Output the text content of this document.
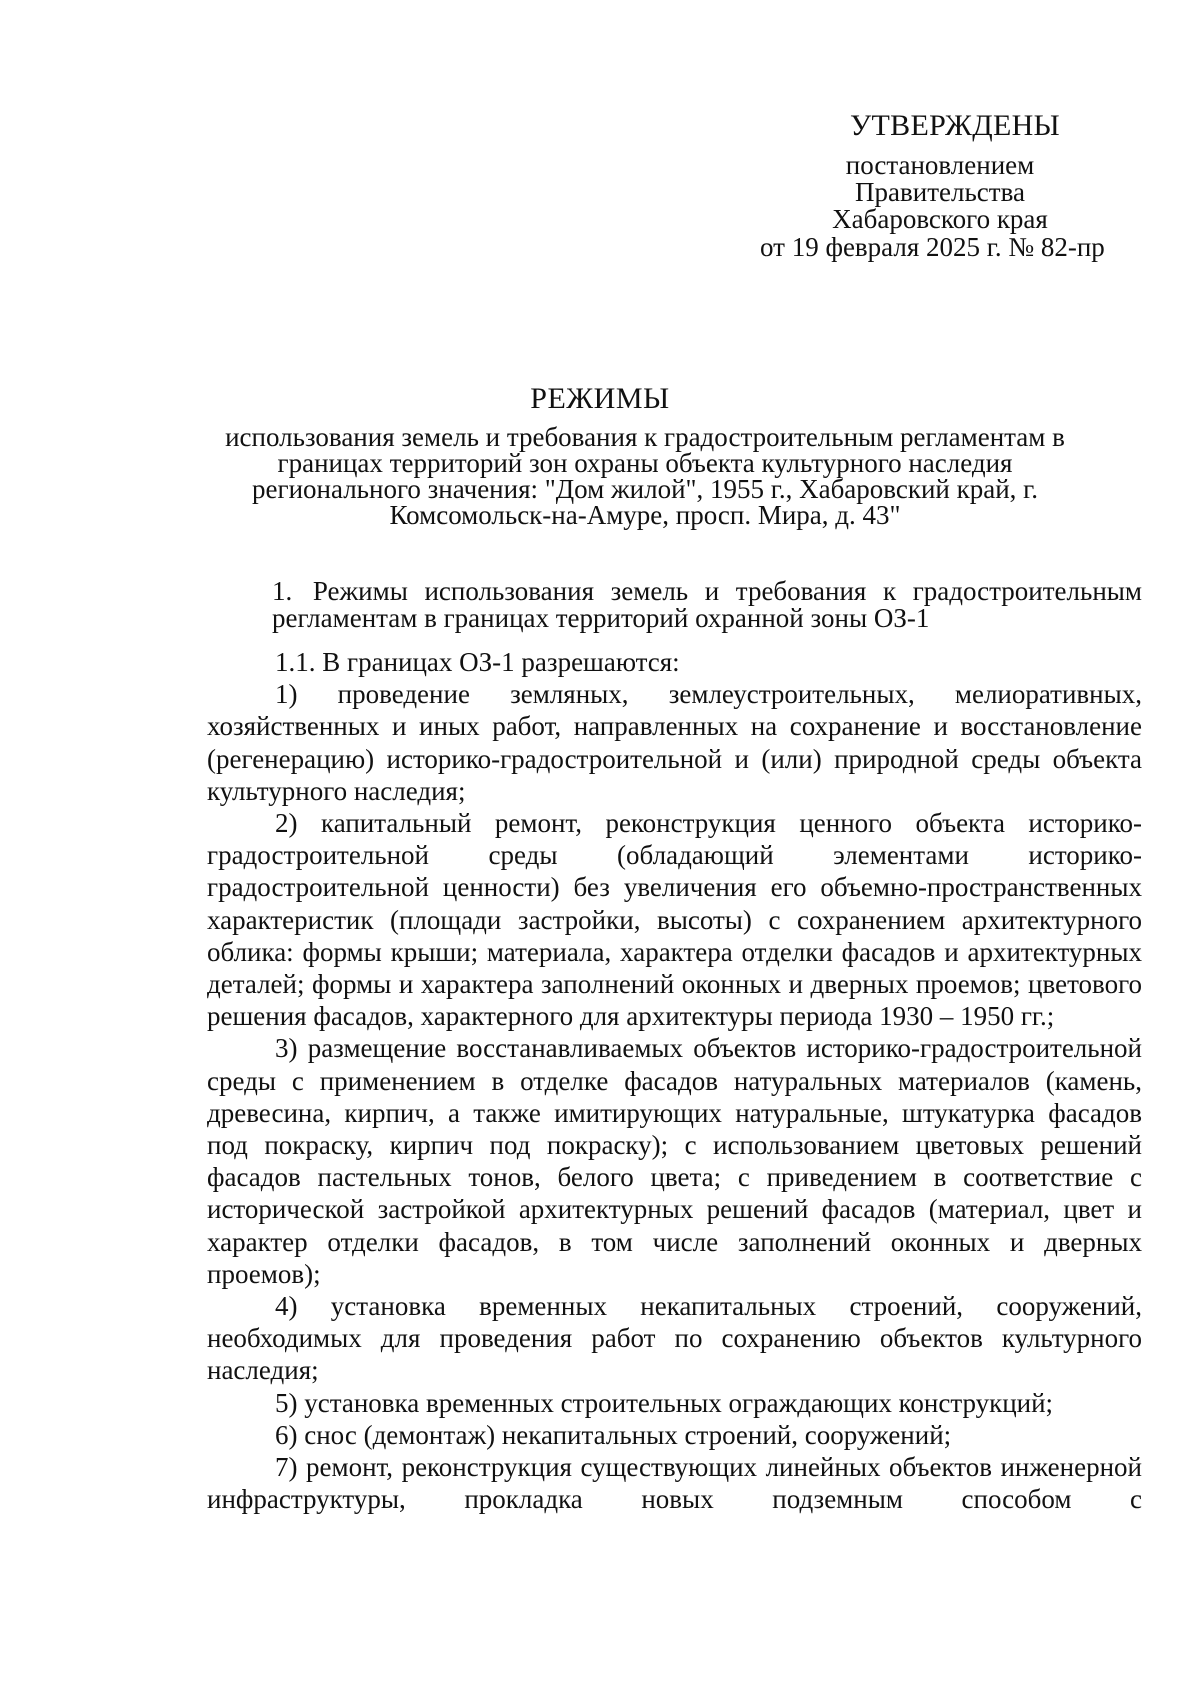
УТВЕРЖДЕНЫ
постановлением
Правительства
Хабаровского края
от 19 февраля 2025 г. № 82-пр
РЕЖИМЫ
использования земель и требования к градостроительным регламентам в границах территорий зон охраны объекта культурного наследия регионального значения: "Дом жилой", 1955 г., Хабаровский край, г. Комсомольск-на-Амуре, просп. Мира, д. 43"

1. Режимы использования земель и требования к градостроительным регламентам в границах территорий охранной зоны ОЗ-1

1.1. В границах ОЗ-1 разрешаются:

1) проведение земляных, землеустроительных, мелиоративных, хозяйственных и иных работ, направленных на сохранение и восстановление (регенерацию) историко-градостроительной и (или) природной среды объекта культурного наследия;

2) капитальный ремонт, реконструкция ценного объекта историко-градостроительной среды (обладающий элементами историко-градостроительной ценности) без увеличения его объемно-пространственных характеристик (площади застройки, высоты) с сохранением архитектурного облика: формы крыши; материала, характера отделки фасадов и архитектурных деталей; формы и характера заполнений оконных и дверных проемов; цветового решения фасадов, характерного для архитектуры периода 1930 – 1950 гг.;

3) размещение восстанавливаемых объектов историко-градостроительной среды с применением в отделке фасадов натуральных материалов (камень, древесина, кирпич, а также имитирующих натуральные, штукатурка фасадов под покраску, кирпич под покраску); с использованием цветовых решений фасадов пастельных тонов, белого цвета; с приведением в соответствие с исторической застройкой архитектурных решений фасадов (материал, цвет и характер отделки фасадов, в том числе заполнений оконных и дверных проемов);

4) установка временных некапитальных строений, сооружений, необходимых для проведения работ по сохранению объектов культурного наследия;

5) установка временных строительных ограждающих конструкций;

6) снос (демонтаж) некапитальных строений, сооружений;

7) ремонт, реконструкция существующих линейных объектов инженерной инфраструктуры, прокладка новых подземным способом с
